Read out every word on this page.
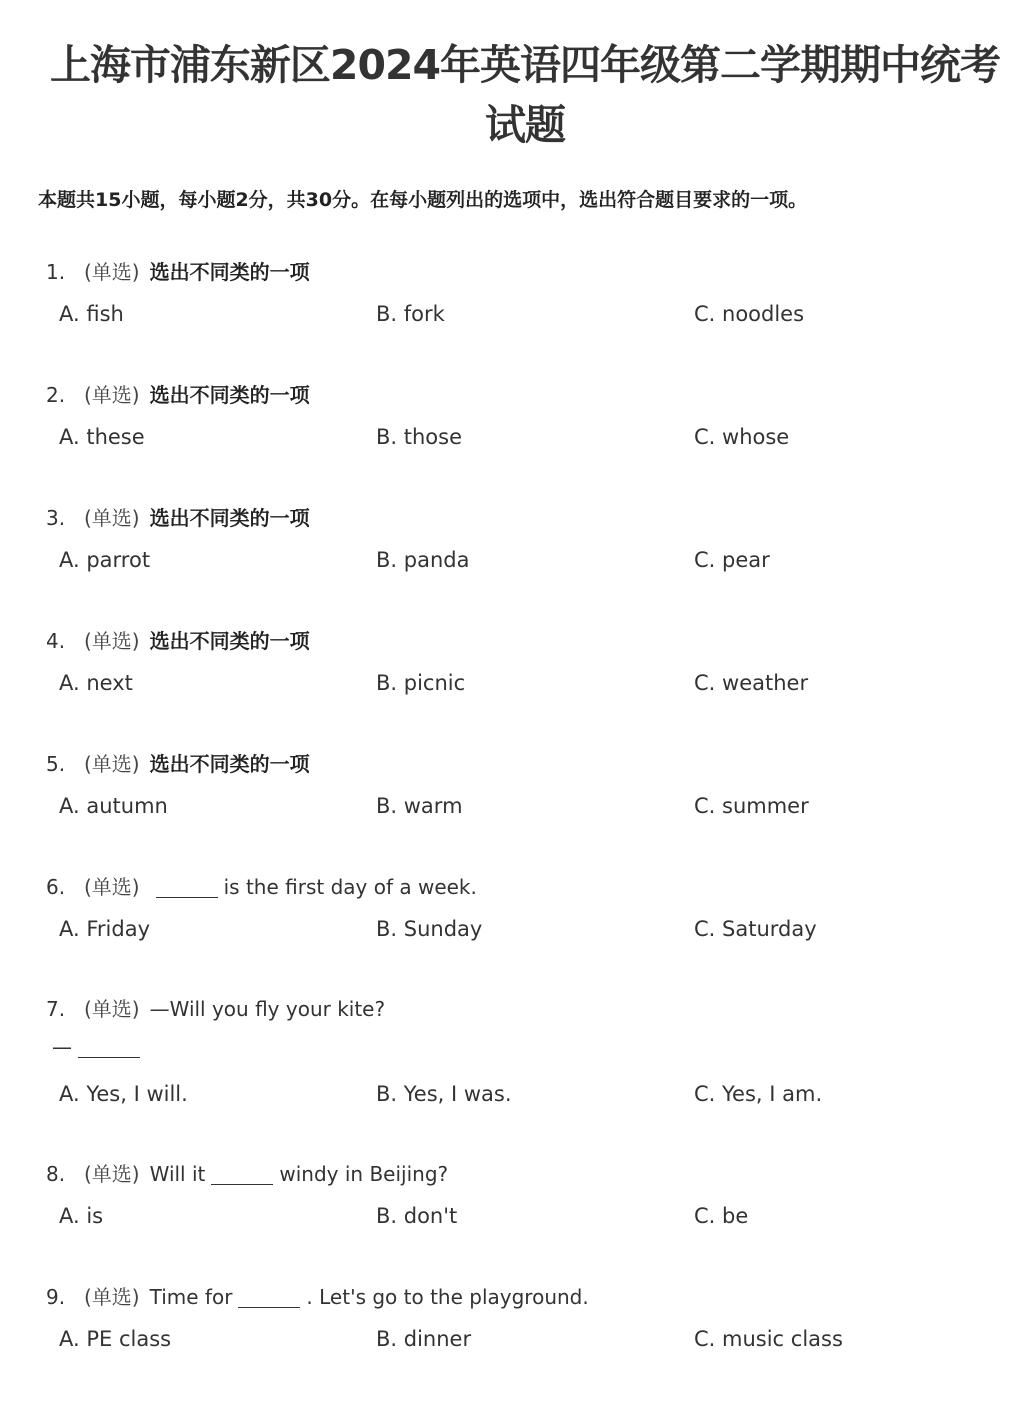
上海市浦东新区2024年英语四年级第二学期期中统考
试题
本题共15小题，每小题2分，共30分。在每小题列出的选项中，选出符合题目要求的一项。
1. (单选) 选出不同类的一项
A. fish	B. fork	C. noodles
2. (单选) 选出不同类的一项
A. these	B. those	C. whose
3. (单选) 选出不同类的一项
A. parrot	B. panda	C. pear
4. (单选) 选出不同类的一项
A. next	B. picnic	C. weather
5. (单选) 选出不同类的一项
A. autumn	B. warm	C. summer
6. (单选)	is the first day of a week.
A. Friday	B. Sunday	C. Saturday
7. (单选) —Will you fly your kite?
—
A. Yes, I will.	B. Yes, I was.	C. Yes, I am.
8. (单选) Will it	windy in Beijing?
A. is	B. don't	C. be
9. (单选) Time for	. Let's go to the playground.
A. PE class	B. dinner	C. music class
